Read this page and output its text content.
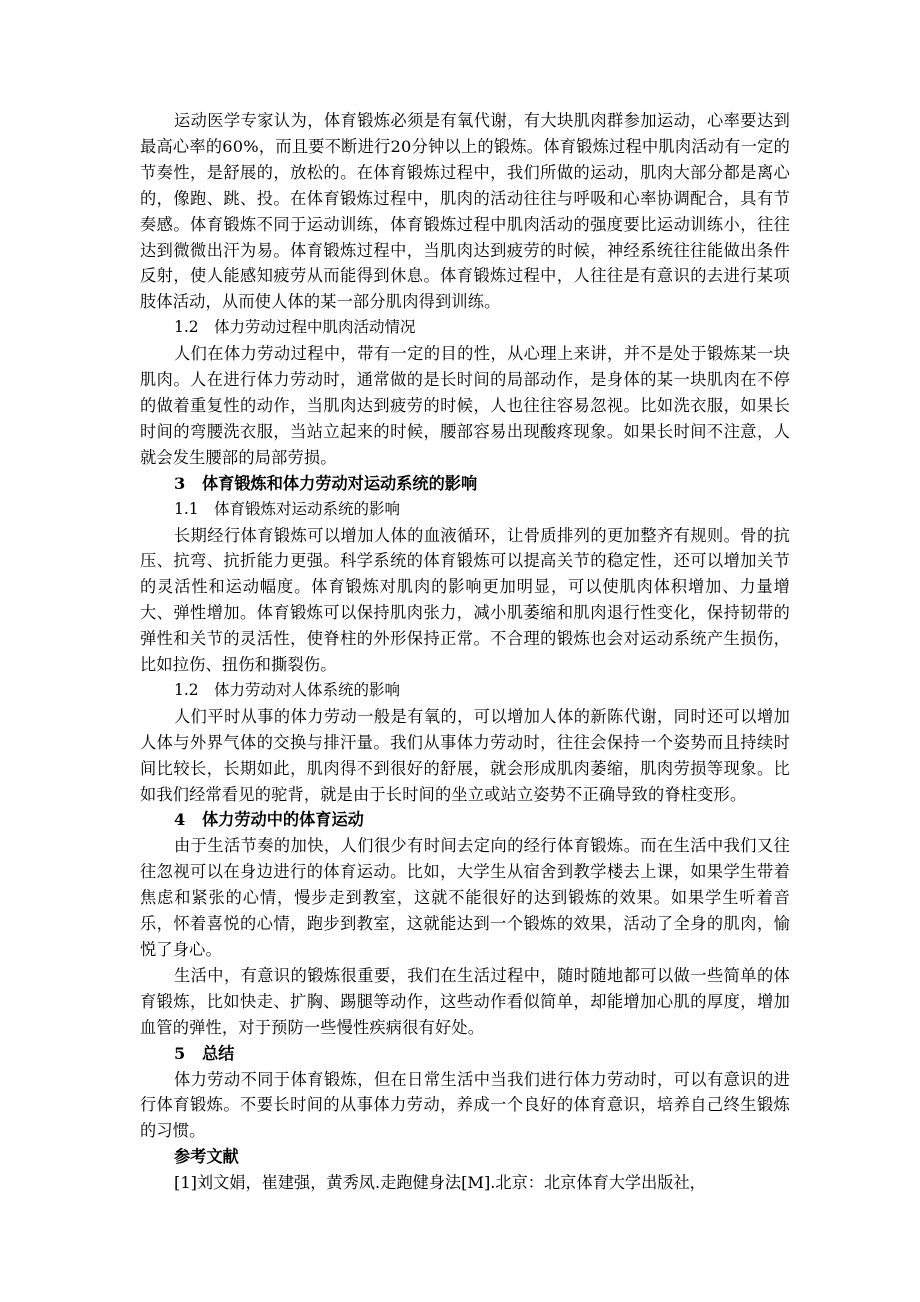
运动医学专家认为，体育锻炼必须是有氧代谢，有大块肌肉群参加运动，心率要达到最高心率的60%，而且要不断进行20分钟以上的锻炼。体育锻炼过程中肌肉活动有一定的节奏性，是舒展的，放松的。在体育锻炼过程中，我们所做的运动，肌肉大部分都是离心的，像跑、跳、投。在体育锻炼过程中，肌肉的活动往往与呼吸和心率协调配合，具有节奏感。体育锻炼不同于运动训练，体育锻炼过程中肌肉活动的强度要比运动训练小，往往达到微微出汗为易。体育锻炼过程中，当肌肉达到疲劳的时候，神经系统往往能做出条件反射，使人能感知疲劳从而能得到休息。体育锻炼过程中，人往往是有意识的去进行某项肢体活动，从而使人体的某一部分肌肉得到训练。

1.2 体力劳动过程中肌肉活动情况

人们在体力劳动过程中，带有一定的目的性，从心理上来讲，并不是处于锻炼某一块肌肉。人在进行体力劳动时，通常做的是长时间的局部动作，是身体的某一块肌肉在不停的做着重复性的动作，当肌肉达到疲劳的时候，人也往往容易忽视。比如洗衣服，如果长时间的弯腰洗衣服，当站立起来的时候，腰部容易出现酸疼现象。如果长时间不注意，人就会发生腰部的局部劳损。

3 体育锻炼和体力劳动对运动系统的影响
1.1 体育锻炼对运动系统的影响

长期经行体育锻炼可以增加人体的血液循环，让骨质排列的更加整齐有规则。骨的抗压、抗弯、抗折能力更强。科学系统的体育锻炼可以提高关节的稳定性，还可以增加关节的灵活性和运动幅度。体育锻炼对肌肉的影响更加明显，可以使肌肉体积增加、力量增大、弹性增加。体育锻炼可以保持肌肉张力，减小肌萎缩和肌肉退行性变化，保持韧带的弹性和关节的灵活性，使脊柱的外形保持正常。不合理的锻炼也会对运动系统产生损伤，比如拉伤、扭伤和撕裂伤。

1.2 体力劳动对人体系统的影响

人们平时从事的体力劳动一般是有氧的，可以增加人体的新陈代谢，同时还可以增加人体与外界气体的交换与排汗量。我们从事体力劳动时，往往会保持一个姿势而且持续时间比较长，长期如此，肌肉得不到很好的舒展，就会形成肌肉萎缩，肌肉劳损等现象。比如我们经常看见的驼背，就是由于长时间的坐立或站立姿势不正确导致的脊柱变形。

4 体力劳动中的体育运动

由于生活节奏的加快，人们很少有时间去定向的经行体育锻炼。而在生活中我们又往往忽视可以在身边进行的体育运动。比如，大学生从宿舍到教学楼去上课，如果学生带着焦虑和紧张的心情，慢步走到教室，这就不能很好的达到锻炼的效果。如果学生听着音乐，怀着喜悦的心情，跑步到教室，这就能达到一个锻炼的效果，活动了全身的肌肉，愉悦了身心。

生活中，有意识的锻炼很重要，我们在生活过程中，随时随地都可以做一些简单的体育锻炼，比如快走、扩胸、踢腿等动作，这些动作看似简单，却能增加心肌的厚度，增加血管的弹性，对于预防一些慢性疾病很有好处。

5 总结

体力劳动不同于体育锻炼，但在日常生活中当我们进行体力劳动时，可以有意识的进行体育锻炼。不要长时间的从事体力劳动，养成一个良好的体育意识，培养自己终生锻炼的习惯。

参考文献
[1]刘文娟，崔建强，黄秀凤.走跑健身法[M].北京：北京体育大学出版社，
